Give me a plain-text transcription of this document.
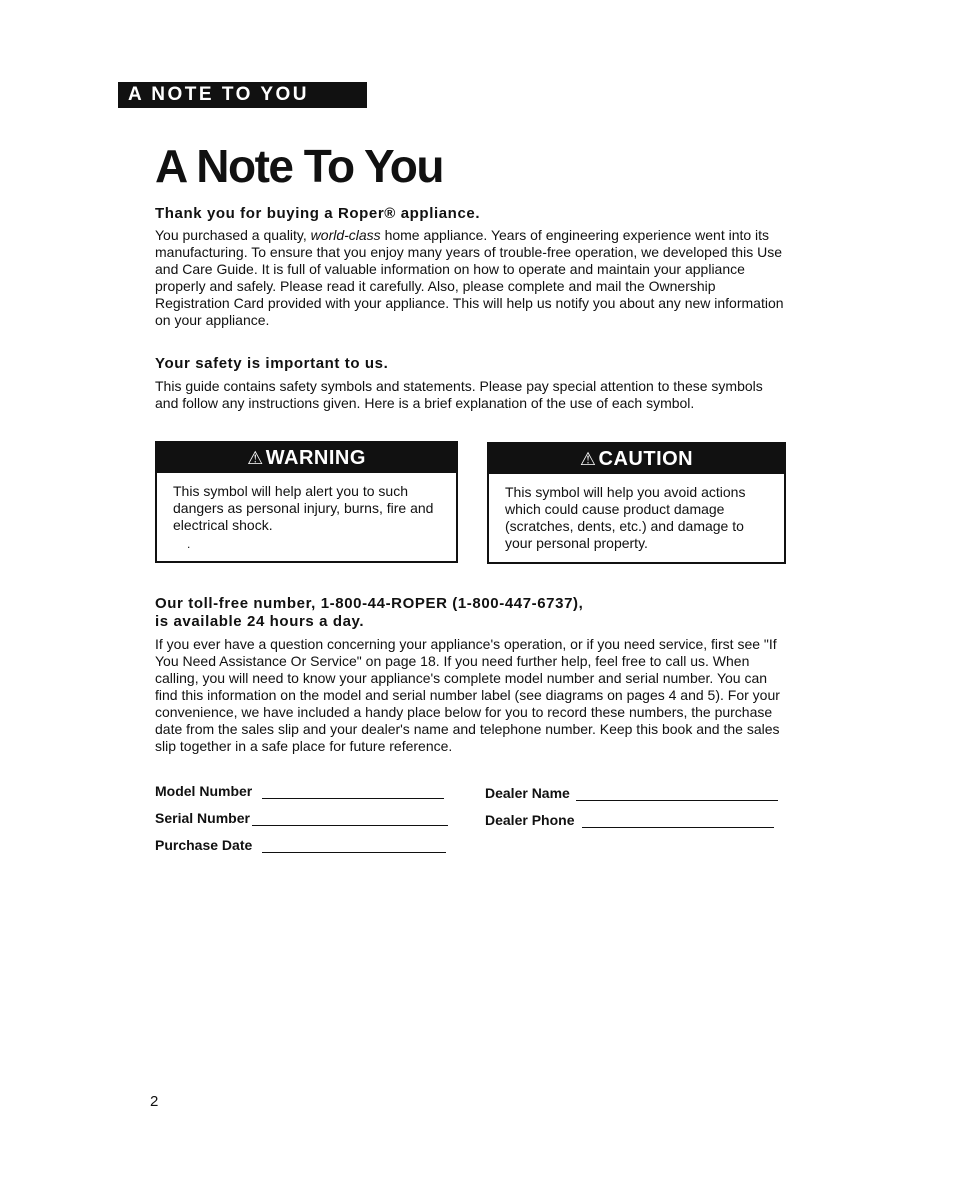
A NOTE TO YOU
A Note To You
Thank you for buying a Roper® appliance.

You purchased a quality, world-class home appliance. Years of engineering experience went into its manufacturing. To ensure that you enjoy many years of trouble-free operation, we developed this Use and Care Guide. It is full of valuable information on how to operate and maintain your appliance properly and safely. Please read it carefully. Also, please complete and mail the Ownership Registration Card provided with your appliance. This will help us notify you about any new information on your appliance.

Your safety is important to us.

This guide contains safety symbols and statements. Please pay special attention to these symbols and follow any instructions given. Here is a brief explanation of the use of each symbol.

⚠ WARNING
This symbol will help alert you to such dangers as personal injury, burns, fire and electrical shock.
.
⚠ CAUTION
This symbol will help you avoid actions which could cause product damage (scratches, dents, etc.) and damage to your personal property.
Our toll-free number, 1-800-44-ROPER (1-800-447-6737),
is available 24 hours a day.

If you ever have a question concerning your appliance's operation, or if you need service, first see "If You Need Assistance Or Service" on page 18. If you need further help, feel free to call us. When calling, you will need to know your appliance's complete model number and serial number. You can find this information on the model and serial number label (see diagrams on pages 4 and 5). For your convenience, we have included a handy place below for you to record these numbers, the purchase date from the sales slip and your dealer's name and telephone number. Keep this book and the sales slip together in a safe place for future reference.

Model Number
Serial Number
Purchase Date
Dealer Name
Dealer Phone
2
